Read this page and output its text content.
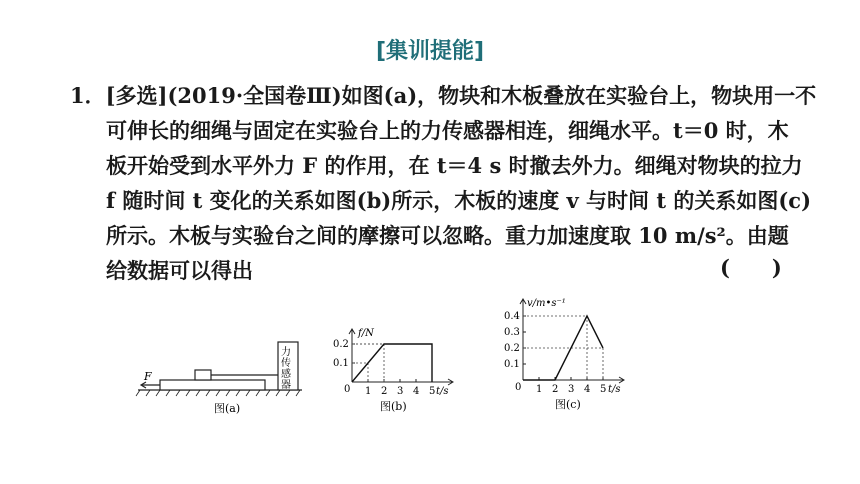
[集训提能]
1．[多选](2019·全国卷Ⅲ)如图(a)，物块和木板叠放在实验台上，物块用一不
可伸长的细绳与固定在实验台上的力传感器相连，细绳水平。t＝0 时，木
板开始受到水平外力 F 的作用，在 t＝4 s 时撤去外力。细绳对物块的拉力
f 随时间 t 变化的关系如图(b)所示，木板的速度 v 与时间 t 的关系如图(c)
所示。木板与实验台之间的摩擦可以忽略。重力加速度取 10 m/s²。由题
给数据可以得出	(　　)
F
力
传
感
器
图(a)
f/N
t/s
0 1 2 3 4 5
0.2
0.1
图(b)
v/m•s⁻¹
t/s
0 1 2 3 4 5
0.4
0.3
0.2
0.1
图(c)
